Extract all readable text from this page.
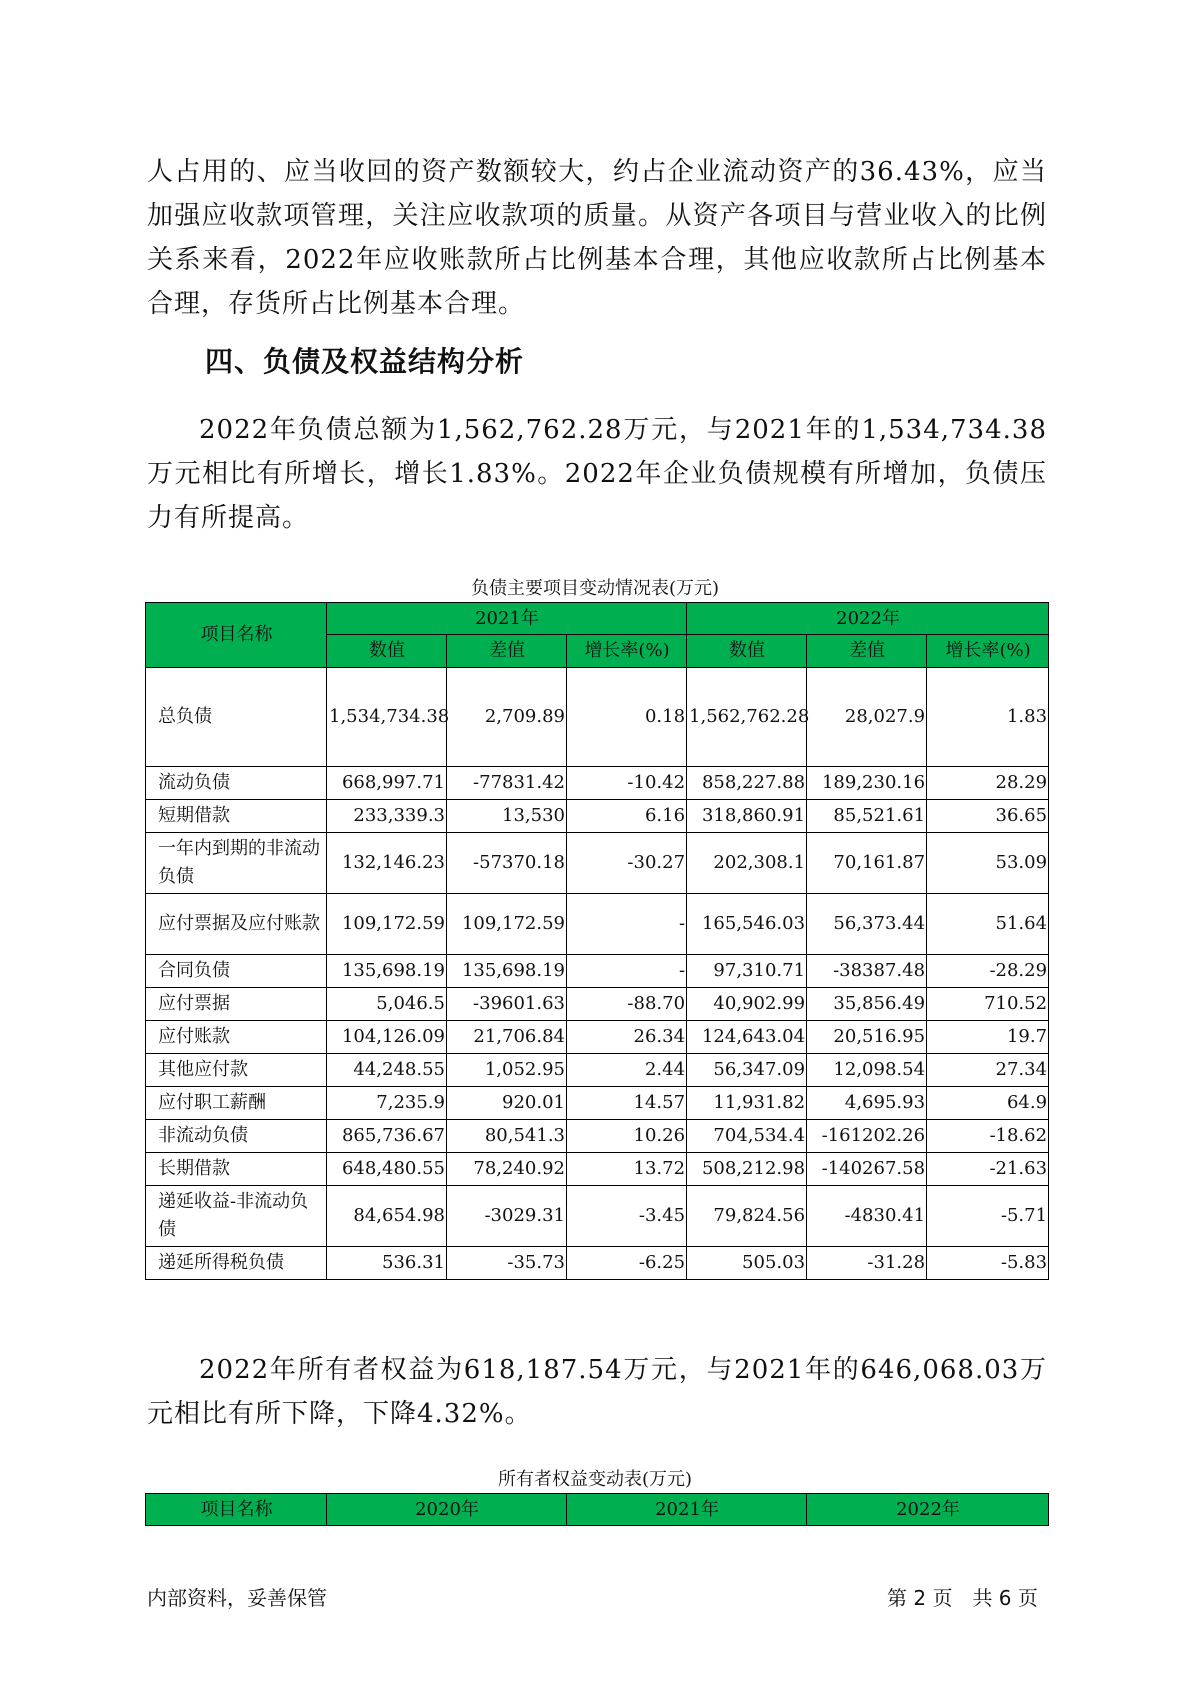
人占用的、应当收回的资产数额较大，约占企业流动资产的36.43%，应当加强应收款项管理，关注应收款项的质量。从资产各项目与营业收入的比例关系来看，2022年应收账款所占比例基本合理，其他应收款所占比例基本合理，存货所占比例基本合理。

四、负债及权益结构分析

2022年负债总额为1,562,762.28万元，与2021年的1,534,734.38万元相比有所增长，增长1.83%。2022年企业负债规模有所增加，负债压力有所提高。

负债主要项目变动情况表(万元)
项目名称	2021年			2022年		
	数值	差值	增长率(%)	数值	差值	增长率(%)
总负债	1,534,734.38	2,709.89	0.18	1,562,762.28	28,027.9	1.83
流动负债	668,997.71	-77831.42	-10.42	858,227.88	189,230.16	28.29
短期借款	233,339.3	13,530	6.16	318,860.91	85,521.61	36.65
一年内到期的非流动负债	132,146.23	-57370.18	-30.27	202,308.1	70,161.87	53.09
应付票据及应付账款	109,172.59	109,172.59	-	165,546.03	56,373.44	51.64
合同负债	135,698.19	135,698.19	-	97,310.71	-38387.48	-28.29
应付票据	5,046.5	-39601.63	-88.70	40,902.99	35,856.49	710.52
应付账款	104,126.09	21,706.84	26.34	124,643.04	20,516.95	19.7
其他应付款	44,248.55	1,052.95	2.44	56,347.09	12,098.54	27.34
应付职工薪酬	7,235.9	920.01	14.57	11,931.82	4,695.93	64.9
非流动负债	865,736.67	80,541.3	10.26	704,534.4	-161202.26	-18.62
长期借款	648,480.55	78,240.92	13.72	508,212.98	-140267.58	-21.63
递延收益-非流动负债	84,654.98	-3029.31	-3.45	79,824.56	-4830.41	-5.71
递延所得税负债	536.31	-35.73	-6.25	505.03	-31.28	-5.83

2022年所有者权益为618,187.54万元，与2021年的646,068.03万元相比有所下降，下降4.32%。

所有者权益变动表(万元)
项目名称	2020年	2021年	2022年
内部资料，妥善保管	第 2 页　共 6 页
